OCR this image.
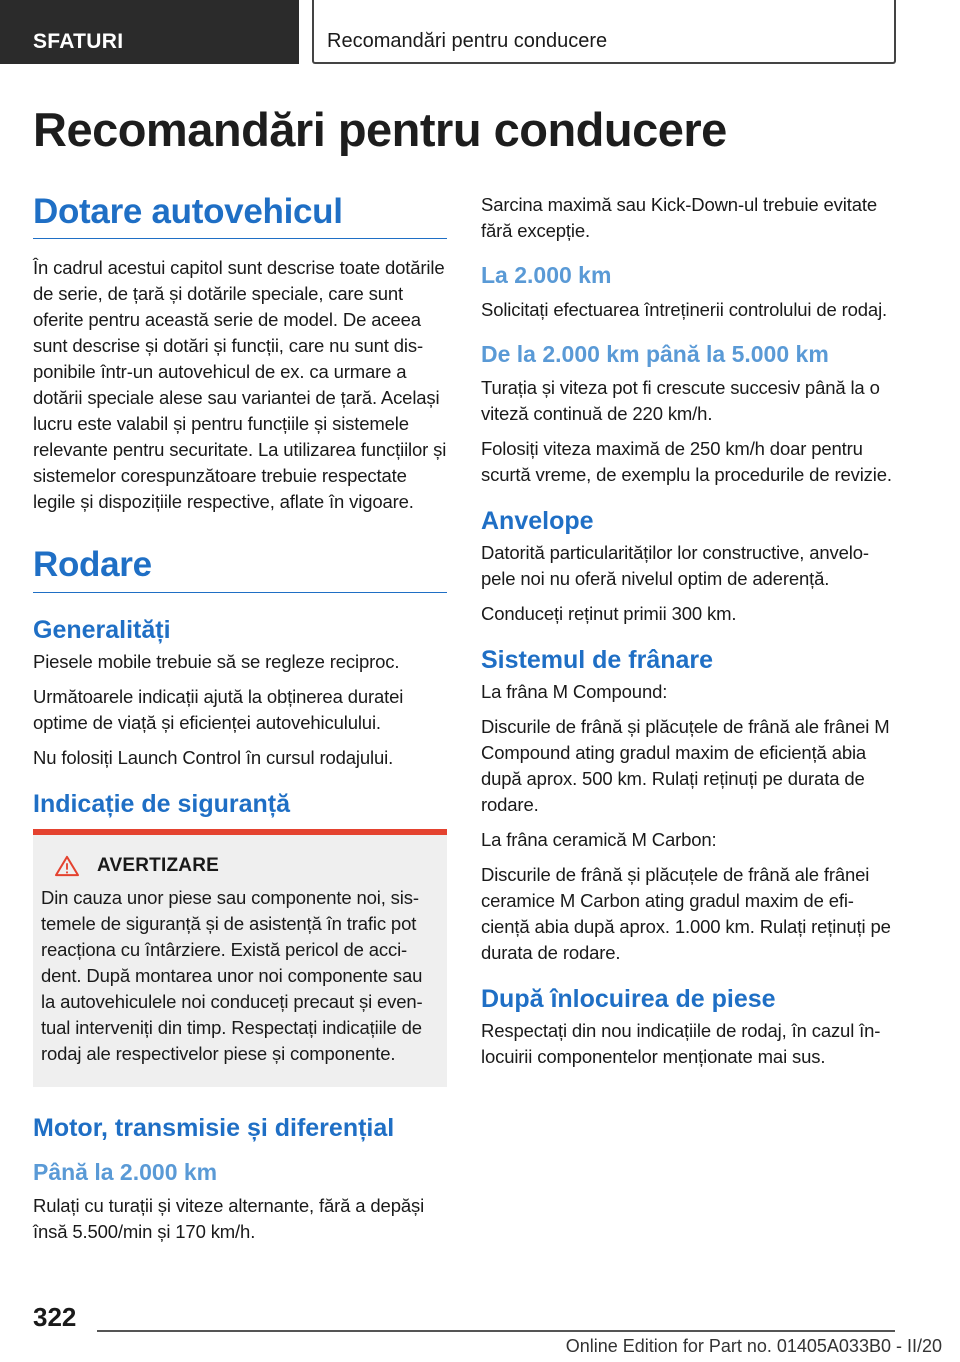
SFATURI	Recomandări pentru conducere
Recomandări pentru conducere
Dotare autovehicul

În cadrul acestui capitol sunt descrise toate dotările de serie, de țară și dotările speciale, care sunt oferite pentru această serie de model. De aceea sunt descrise și dotări și funcții, care nu sunt disponibile într-un autovehicul de ex. ca urmare a dotării speciale alese sau variantei de țară. Același lucru este valabil și pentru funcțiile și sistemele relevante pentru securitate. La utilizarea funcțiilor și sistemelor corespunzătoare trebuie respectate legile și dispozițiile respective, aflate în vigoare.

Rodare
Generalități

Piesele mobile trebuie să se regleze reciproc.

Următoarele indicații ajută la obținerea duratei optime de viață și eficienței autovehiculului.

Nu folosiți Launch Control în cursul rodajului.

Indicație de siguranță
AVERTIZARE

Din cauza unor piese sau componente noi, sistemele de siguranță și de asistență în trafic pot reacționa cu întârziere. Există pericol de accident. După montarea unor noi componente sau la autovehiculele noi conduceți precaut și eventual interveniți din timp. Respectați indicațiile de rodaj ale respectivelor piese și componente.

Motor, transmisie și diferențial
Până la 2.000 km

Rulați cu turații și viteze alternante, fără a depăși însă 5.500/min și 170 km/h.

Sarcina maximă sau Kick-Down-ul trebuie evitate fără excepție.

La 2.000 km

Solicitați efectuarea întreținerii controlului de rodaj.

De la 2.000 km până la 5.000 km

Turația și viteza pot fi crescute succesiv până la o viteză continuă de 220 km/h.

Folosiți viteza maximă de 250 km/h doar pentru scurtă vreme, de exemplu la procedurile de revizie.

Anvelope

Datorită particularităților lor constructive, anvelopele noi nu oferă nivelul optim de aderență.

Conduceți reținut primii 300 km.

Sistemul de frânare

La frâna M Compound:

Discurile de frână și plăcuțele de frână ale frânei M Compound ating gradul maxim de eficiență abia după aprox. 500 km. Rulați reținuți pe durata de rodare.

La frâna ceramică M Carbon:

Discurile de frână și plăcuțele de frână ale frânei ceramice M Carbon ating gradul maxim de eficiență abia după aprox. 1.000 km. Rulați reținuți pe durata de rodare.

După înlocuirea de piese

Respectați din nou indicațiile de rodaj, în cazul înlocuirii componentelor menționate mai sus.

322
Online Edition for Part no. 01405A033B0 - II/20
